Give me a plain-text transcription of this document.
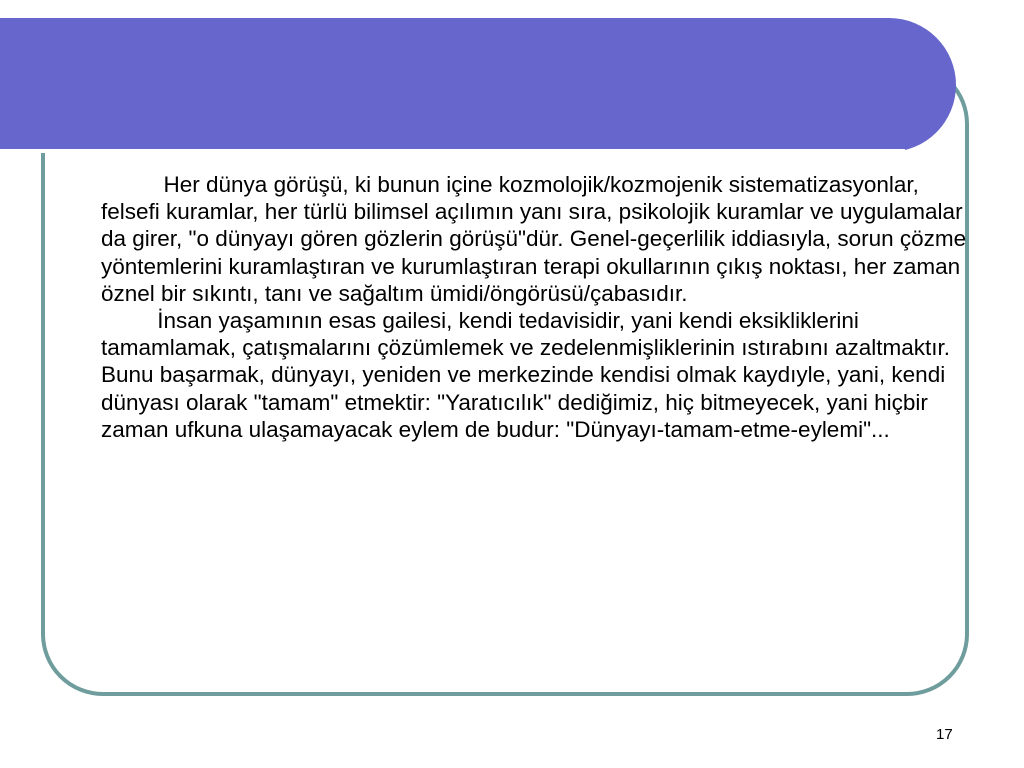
Her dünya görüşü, ki bunun içine kozmolojik/kozmojenik sistematizasyonlar, felsefi kuramlar, her türlü bilimsel açılımın yanı sıra, psikolojik kuramlar ve uygulamalar da girer, "o dünyayı gören gözlerin görüşü"dür. Genel-geçerlilik iddiasıyla, sorun çözme yöntemlerini kuramlaştıran ve kurumlaştıran terapi okullarının çıkış noktası, her zaman öznel bir sıkıntı, tanı ve sağaltım ümidi/öngörüsü/çabasıdır.

İnsan yaşamının esas gailesi, kendi tedavisidir, yani kendi eksikliklerini tamamlamak, çatışmalarını çözümlemek ve zedelenmişliklerinin ıstırabını azaltmaktır. Bunu başarmak, dünyayı, yeniden ve merkezinde kendisi olmak kaydıyle, yani, kendi dünyası olarak "tamam" etmektir: "Yaratıcılık" dediğimiz, hiç bitmeyecek, yani hiçbir zaman ufkuna ulaşamayacak eylem de budur: "Dünyayı-tamam-etme-eylemi"...

17
